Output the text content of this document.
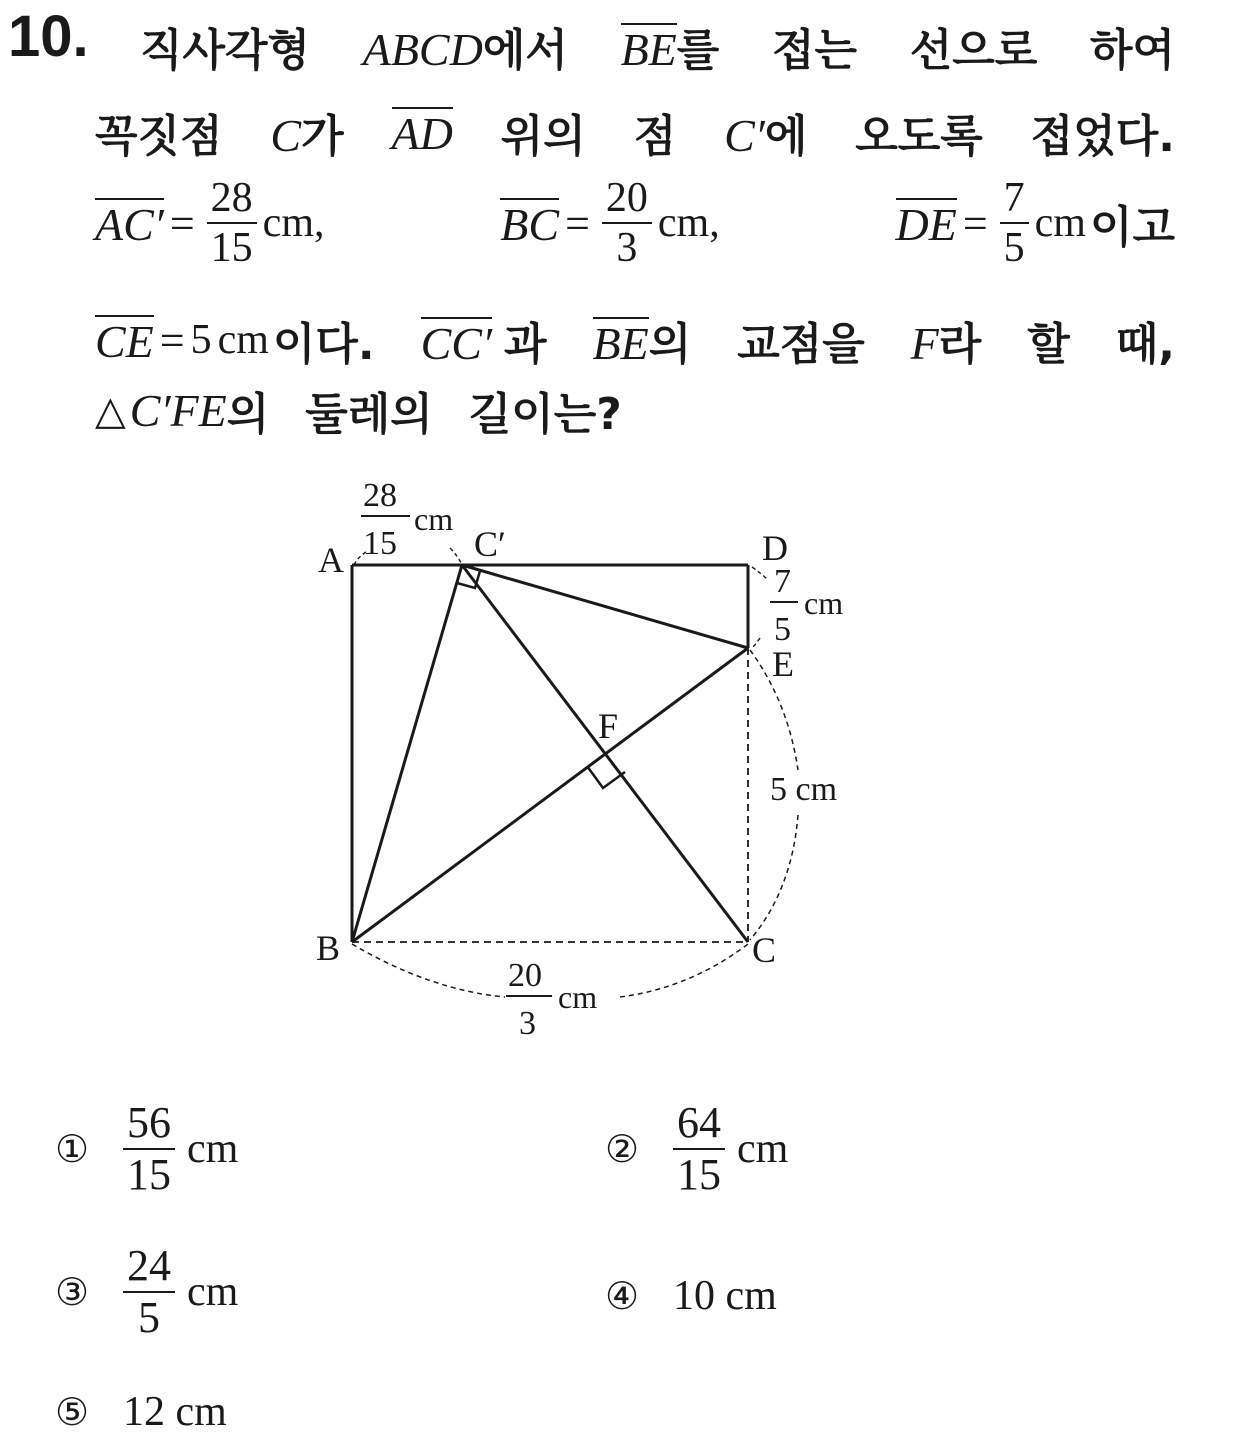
10. 직사각형 ABCD에서 BE를 접는 선으로 하여
꼭짓점 C가 AD 위의 점 C′에 오도록 접었다.
$AC' = \frac{28}{15}$ cm,	BC = $\frac{20}{3}$ cm,	DE = $\frac{7}{5}$ cm 이고
CE = 5 cm 이다. CC′ 과 BE의 교점을 F라 할 때,
△ C′FE 의 둘레의 길이는?
A
B	C
D
E
F
C′
28
15
cm
7
5
cm
5 cm
20
3
cm
① $\frac{56}{15}$ cm	② $\frac{64}{15}$ cm
③ $\frac{24}{5}$ cm	④ 10 cm
⑤ 12 cm
